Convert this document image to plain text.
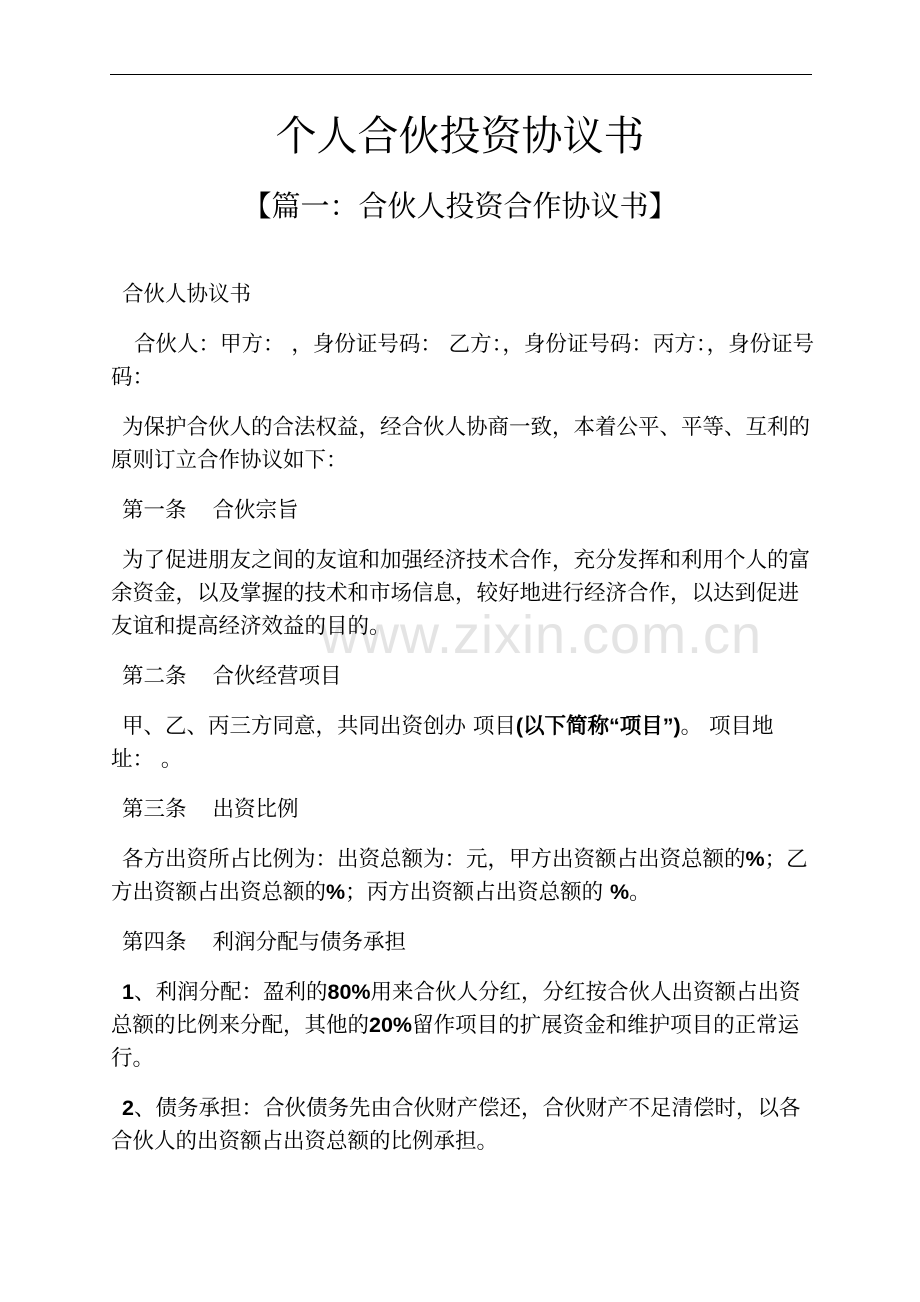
www.zixin.com.cn
个人合伙投资协议书
【篇一：合伙人投资合作协议书】

合伙人协议书

合伙人：甲方： ，身份证号码： 乙方：，身份证号码：丙方：，身份证号码：

为保护合伙人的合法权益，经合伙人协商一致，本着公平、平等、互利的原则订立合作协议如下：

第一条 合伙宗旨

为了促进朋友之间的友谊和加强经济技术合作，充分发挥和利用个人的富余资金，以及掌握的技术和市场信息，较好地进行经济合作，以达到促进友谊和提高经济效益的目的。

第二条 合伙经营项目

甲、乙、丙三方同意，共同出资创办 项目(以下简称“项目”)。 项目地址： 。

第三条 出资比例

各方出资所占比例为：出资总额为：元，甲方出资额占出资总额的%；乙方出资额占出资总额的%；丙方出资额占出资总额的 %。

第四条 利润分配与债务承担

1、利润分配：盈利的80%用来合伙人分红，分红按合伙人出资额占出资总额的比例来分配，其他的20%留作项目的扩展资金和维护项目的正常运行。

2、债务承担：合伙债务先由合伙财产偿还，合伙财产不足清偿时，以各合伙人的出资额占出资总额的比例承担。
